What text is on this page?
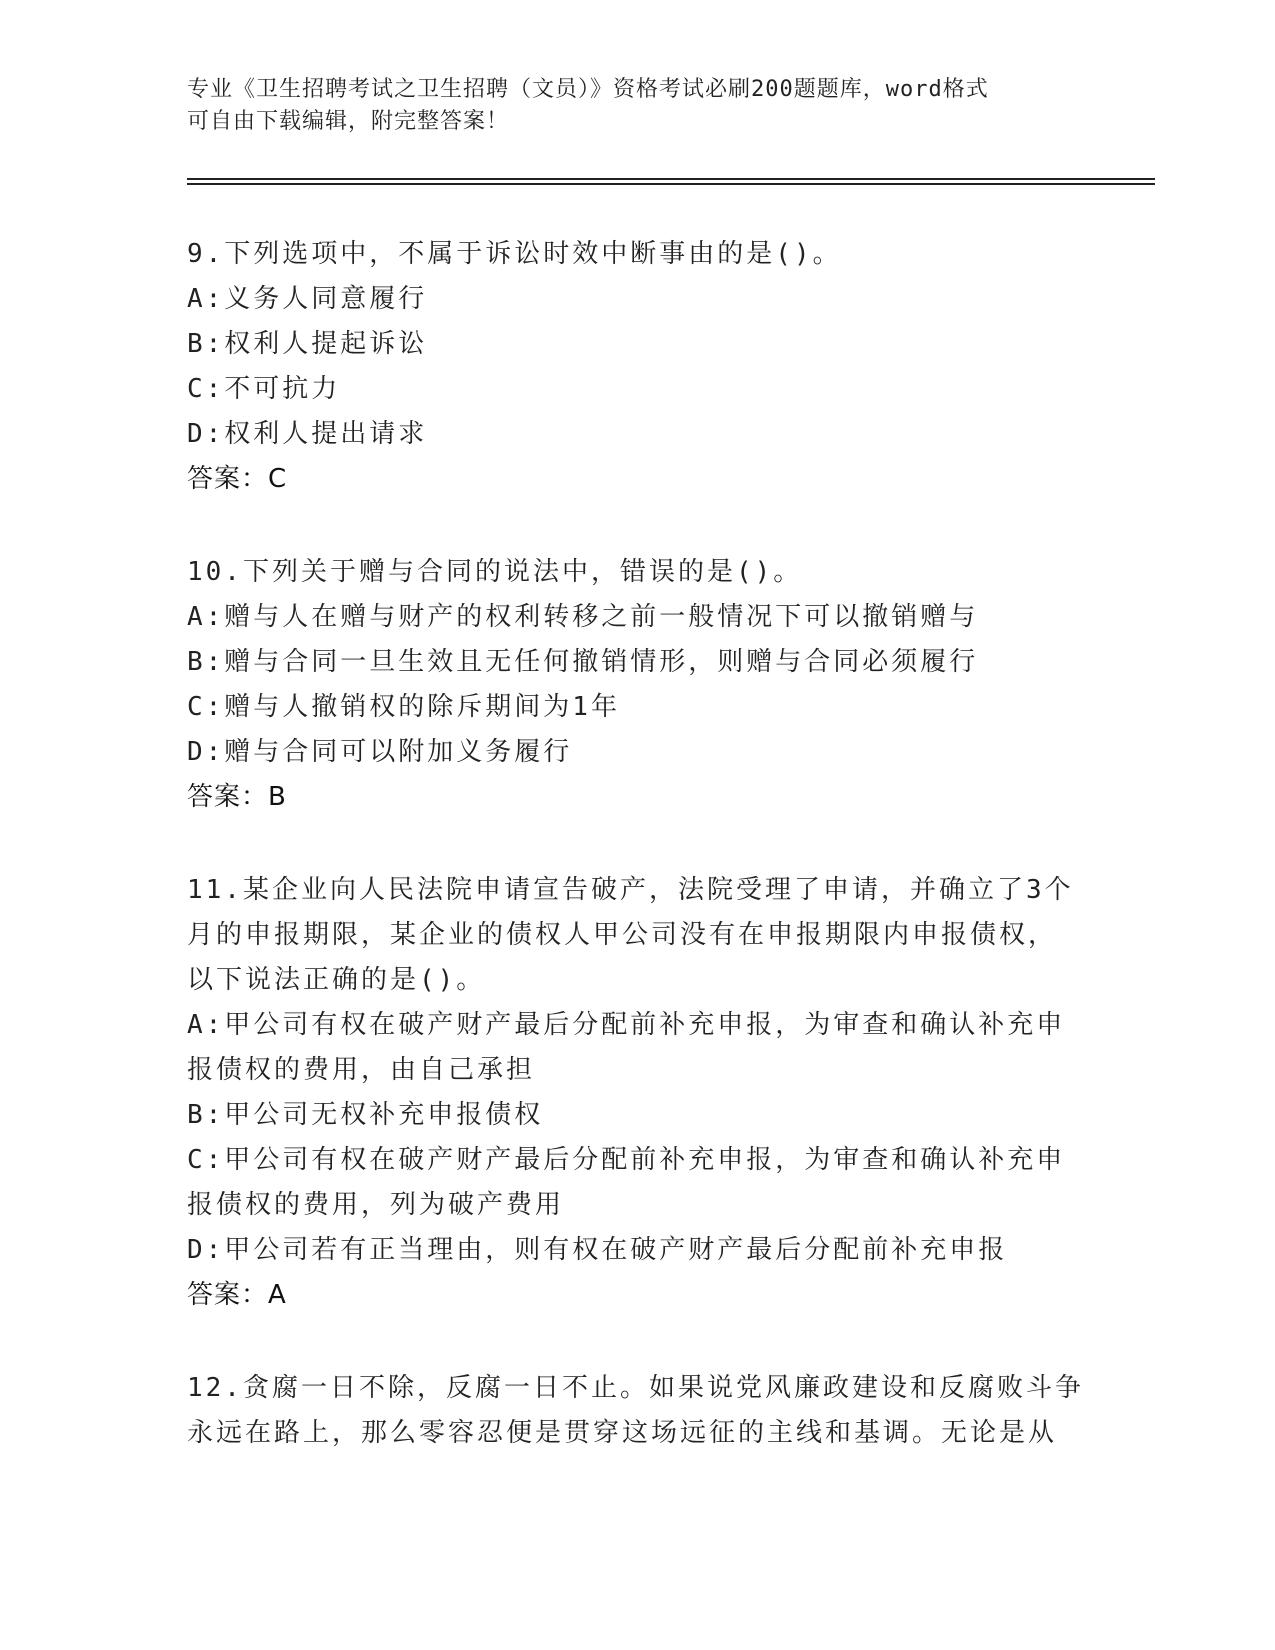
专业《卫生招聘考试之卫生招聘（文员）》资格考试必刷200题题库，word格式
可自由下载编辑，附完整答案！
9.下列选项中，不属于诉讼时效中断事由的是()。
A:义务人同意履行
B:权利人提起诉讼
C:不可抗力
D:权利人提出请求
答案：C
10.下列关于赠与合同的说法中，错误的是()。
A:赠与人在赠与财产的权利转移之前一般情况下可以撤销赠与
B:赠与合同一旦生效且无任何撤销情形，则赠与合同必须履行
C:赠与人撤销权的除斥期间为1年
D:赠与合同可以附加义务履行
答案：B
11.某企业向人民法院申请宣告破产，法院受理了申请，并确立了3个
月的申报期限，某企业的债权人甲公司没有在申报期限内申报债权，
以下说法正确的是()。
A:甲公司有权在破产财产最后分配前补充申报，为审查和确认补充申
报债权的费用，由自己承担
B:甲公司无权补充申报债权
C:甲公司有权在破产财产最后分配前补充申报，为审查和确认补充申
报债权的费用，列为破产费用
D:甲公司若有正当理由，则有权在破产财产最后分配前补充申报
答案：A
12.贪腐一日不除，反腐一日不止。如果说党风廉政建设和反腐败斗争
永远在路上，那么零容忍便是贯穿这场远征的主线和基调。无论是从
